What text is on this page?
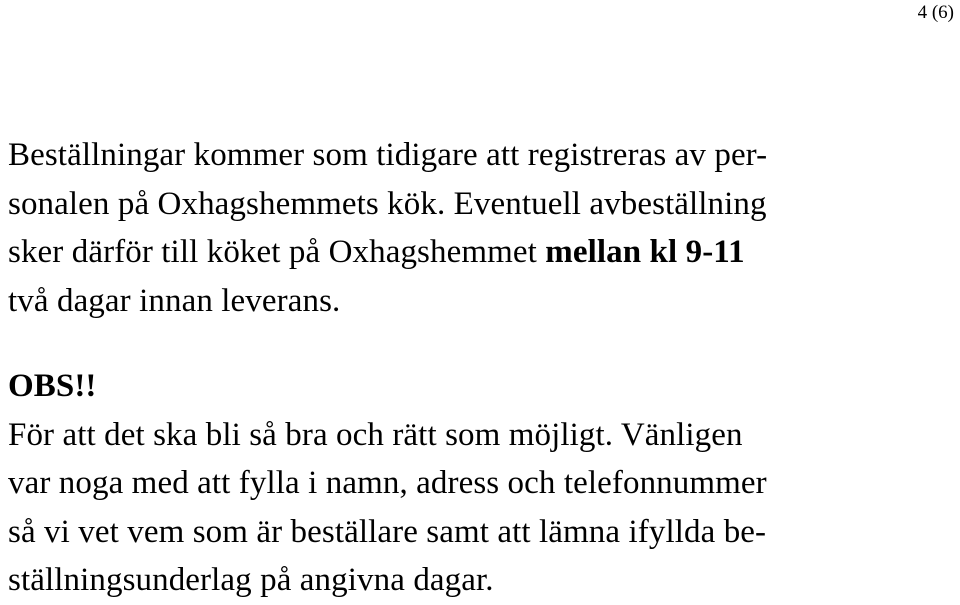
4 (6)
Beställningar kommer som tidigare att registreras av per-
sonalen på Oxhagshemmets kök. Eventuell avbeställning
sker därför till köket på Oxhagshemmet mellan kl 9-11
två dagar innan leverans.
OBS!!
För att det ska bli så bra och rätt som möjligt. Vänligen
var noga med att fylla i namn, adress och telefonnummer
så vi vet vem som är beställare samt att lämna ifyllda be-
ställningsunderlag på angivna dagar.
